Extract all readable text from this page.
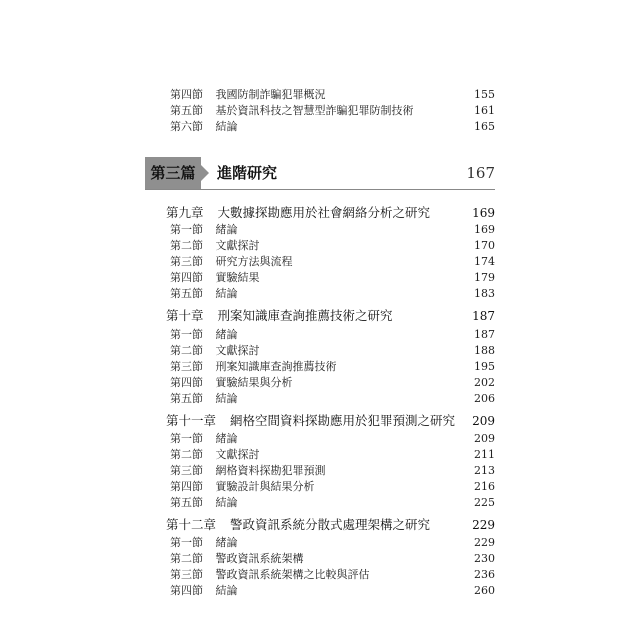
第四節 我國防制詐騙犯罪概況	155
第五節 基於資訊科技之智慧型詐騙犯罪防制技術	161
第六節 結論	165
第三篇	進階研究	167
第九章 大數據探勘應用於社會網絡分析之研究	169
第一節 緒論	169
第二節 文獻探討	170
第三節 研究方法與流程	174
第四節 實驗結果	179
第五節 結論	183
第十章 刑案知識庫查詢推薦技術之研究	187
第一節 緒論	187
第二節 文獻探討	188
第三節 刑案知識庫查詢推薦技術	195
第四節 實驗結果與分析	202
第五節 結論	206
第十一章 網格空間資料探勘應用於犯罪預測之研究 209
第一節 緒論	209
第二節 文獻探討	211
第三節 網格資料探勘犯罪預測	213
第四節 實驗設計與結果分析	216
第五節 結論	225
第十二章 警政資訊系統分散式處理架構之研究	229
第一節 緒論	229
第二節 警政資訊系統架構	230
第三節 警政資訊系統架構之比較與評估	236
第四節 結論	260
